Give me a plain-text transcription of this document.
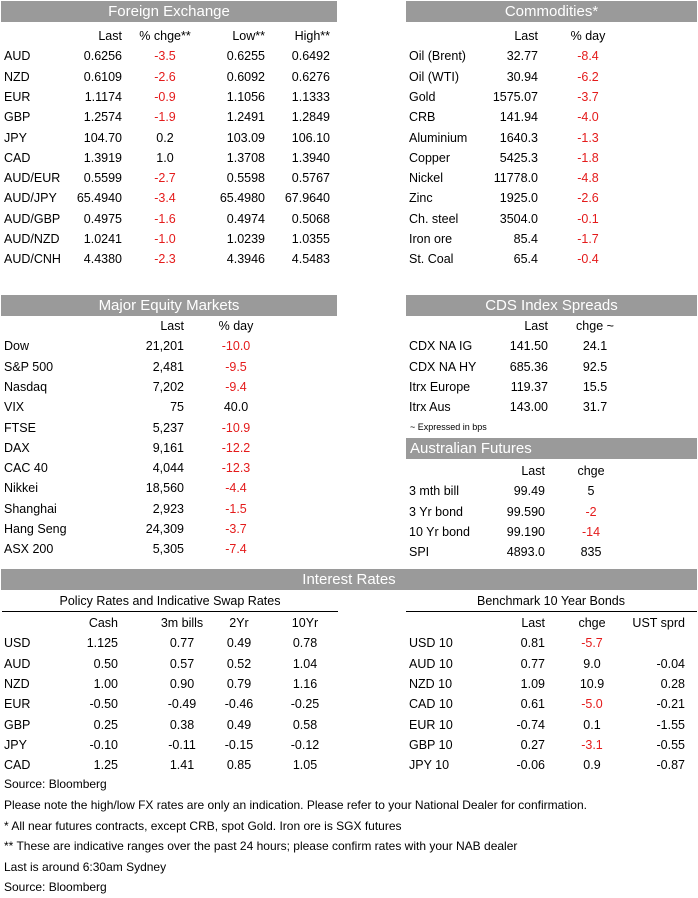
Foreign Exchange
Last	% chge**	Low** High**
AUD	0.6256	-3.5	0.6255 0.6492
NZD	0.6109	-2.6	0.6092 0.6276
EUR	1.1174	-0.9	1.1056 1.1333
GBP	1.2574	-1.9	1.2491 1.2849
JPY	104.70	0.2	103.09 106.10
CAD	1.3919	1.0	1.3708 1.3940
AUD/EUR 0.5599	-2.7	0.5598 0.5767
AUD/JPY 65.4940	-3.4	65.4980 67.9640
AUD/GBP 0.4975	-1.6	0.4974 0.5068
AUD/NZD 1.0241	-1.0	1.0239 1.0355
AUD/CNH 4.4380	-2.3	4.3946 4.5483
Commodities*
Last	% day
Oil (Brent)	32.77	-8.4
Oil (WTI)	30.94	-6.2
Gold	1575.07	-3.7
CRB	141.94	-4.0
Aluminium	1640.3	-1.3
Copper	5425.3	-1.8
Nickel	11778.0	-4.8
Zinc	1925.0	-2.6
Ch. steel	3504.0	-0.1
Iron ore	85.4	-1.7
St. Coal	65.4	-0.4
Major Equity Markets
Last	% day
Dow	21,201	-10.0
S&P 500	2,481	-9.5
Nasdaq	7,202	-9.4
VIX	75	40.0
FTSE	5,237	-10.9
DAX	9,161	-12.2
CAC 40	4,044	-12.3
Nikkei	18,560	-4.4
Shanghai	2,923	-1.5
Hang Seng	24,309	-3.7
ASX 200	5,305	-7.4
CDS Index Spreads
Last	chge ~
CDX NA IG	141.50	24.1
CDX NA HY	685.36	92.5
Itrx Europe	119.37	15.5
Itrx Aus	143.00	31.7
~ Expressed in bps
Australian Futures
Last	chge
3 mth bill	99.49	5
3 Yr bond	99.590	-2
10 Yr bond	99.190	-14
SPI	4893.0	835
Interest Rates
Policy Rates and Indicative Swap Rates
Cash	3m bills	2Yr	10Yr
USD	1.125	0.77	0.49	0.78
AUD	0.50	0.57	0.52	1.04
NZD	1.00	0.90	0.79	1.16
EUR	-0.50	-0.49	-0.46	-0.25
GBP	0.25	0.38	0.49	0.58
JPY	-0.10	-0.11	-0.15	-0.12
CAD	1.25	1.41	0.85	1.05
Benchmark 10 Year Bonds
Last	chge	UST sprd
USD 10	0.81	-5.7
AUD 10	0.77	9.0	-0.04
NZD 10	1.09	10.9	0.28
CAD 10	0.61	-5.0	-0.21
EUR 10	-0.74	0.1	-1.55
GBP 10	0.27	-3.1	-0.55
JPY 10	-0.06	0.9	-0.87
Source: Bloomberg
Please note the high/low FX rates are only an indication. Please refer to your National Dealer for confirmation.
* All near futures contracts, except CRB, spot Gold. Iron ore is SGX futures
** These are indicative ranges over the past 24 hours; please confirm rates with your NAB dealer
Last is around 6:30am Sydney
Source: Bloomberg
